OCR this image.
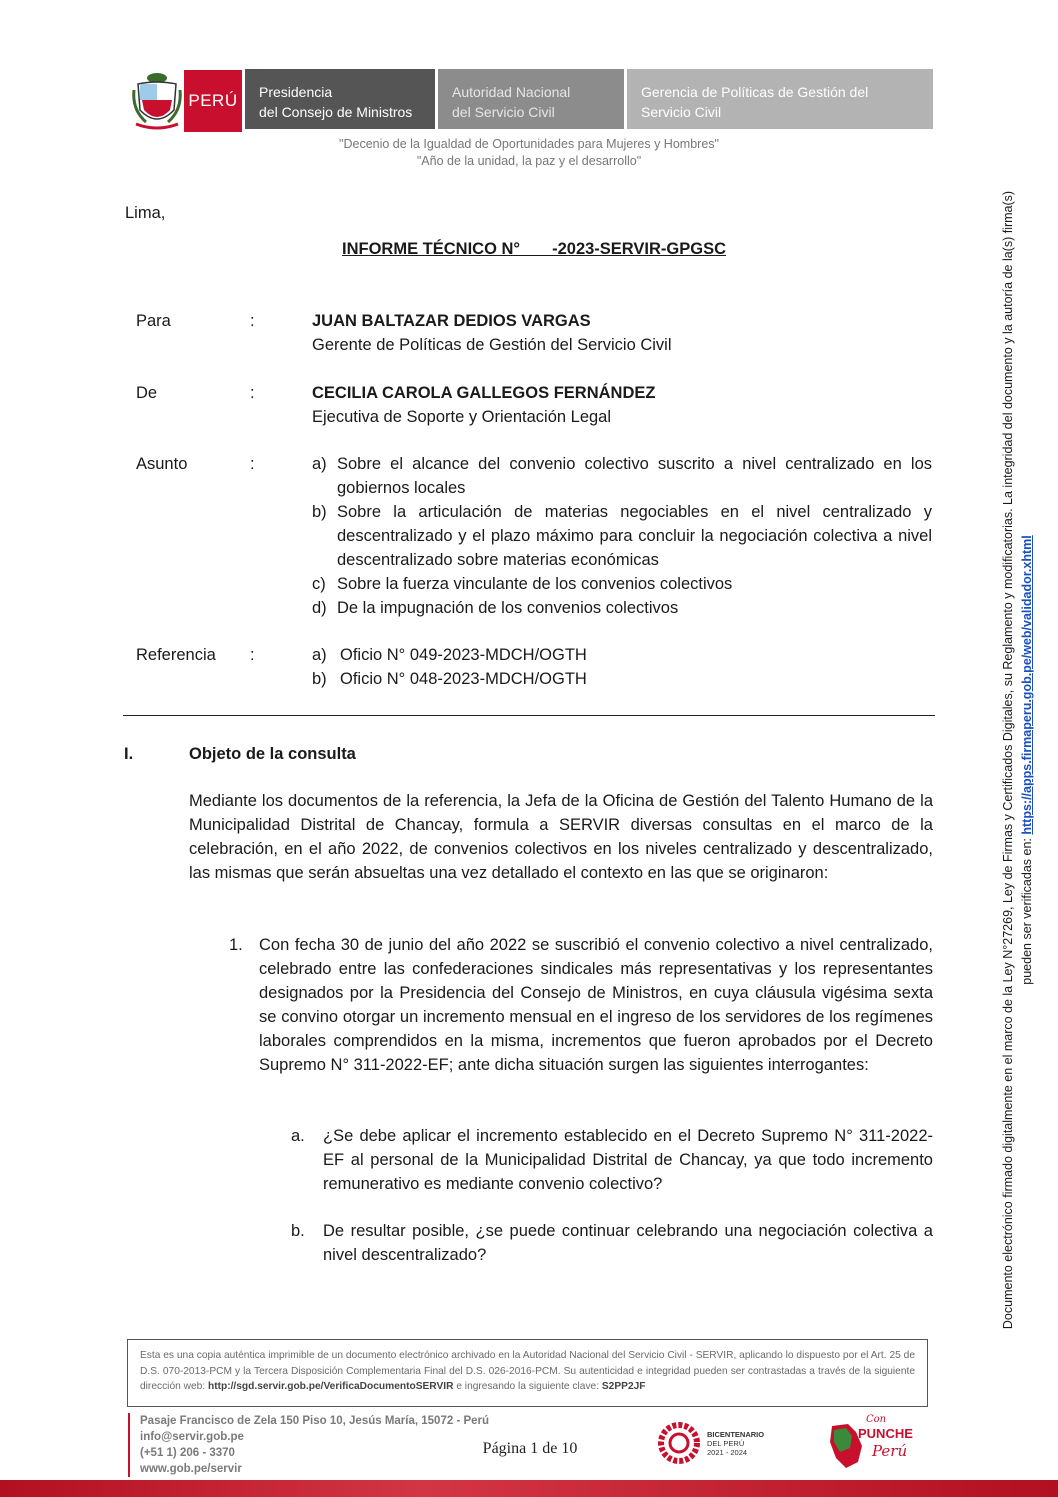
PERÚ Presidencia
del Consejo de Ministros
Autoridad Nacional
del Servicio Civil
Gerencia de Políticas de Gestión del
Servicio Civil
"Decenio de la Igualdad de Oportunidades para Mujeres y Hombres"
"Año de la unidad, la paz y el desarrollo"
Lima,
INFORME TÉCNICO N°       -2023-SERVIR-GPGSC
Para	:	JUAN BALTAZAR DEDIOS VARGAS
Gerente de Políticas de Gestión del Servicio Civil
De	:	CECILIA CAROLA GALLEGOS FERNÁNDEZ
Ejecutiva de Soporte y Orientación Legal
Asunto	:	a) Sobre el alcance del convenio colectivo suscrito a nivel centralizado en los gobiernos locales
b) Sobre la articulación de materias negociables en el nivel centralizado y descentralizado y el plazo máximo para concluir la negociación colectiva a nivel descentralizado sobre materias económicas
c) Sobre la fuerza vinculante de los convenios colectivos
d) De la impugnación de los convenios colectivos
Referencia :	a) Oficio N° 049-2023-MDCH/OGTH
b) Oficio N° 048-2023-MDCH/OGTH
I.	Objeto de la consulta
Mediante los documentos de la referencia, la Jefa de la Oficina de Gestión del Talento Humano de la Municipalidad Distrital de Chancay, formula a SERVIR diversas consultas en el marco de la celebración, en el año 2022, de convenios colectivos en los niveles centralizado y descentralizado, las mismas que serán absueltas una vez detallado el contexto en las que se originaron:
1. Con fecha 30 de junio del año 2022 se suscribió el convenio colectivo a nivel centralizado, celebrado entre las confederaciones sindicales más representativas y los representantes designados por la Presidencia del Consejo de Ministros, en cuya cláusula vigésima sexta se convino otorgar un incremento mensual en el ingreso de los servidores de los regímenes laborales comprendidos en la misma, incrementos que fueron aprobados por el Decreto Supremo N° 311-2022-EF; ante dicha situación surgen las siguientes interrogantes:
a.	¿Se debe aplicar el incremento establecido en el Decreto Supremo N° 311-2022-EF al personal de la Municipalidad Distrital de Chancay, ya que todo incremento remunerativo es mediante convenio colectivo?
b.	De resultar posible, ¿se puede continuar celebrando una negociación colectiva a nivel descentralizado?	Documento electrónico firmado digitalmente en el marco de la Ley N°27269, Ley de Firmas y Certificados Digitales, su Reglamento y modificatorias. La integridad del documento y la autoría de la(s) firma(s) pueden ser verificadas en: https://apps.firmaperu.gob.pe/web/validador.xhtml
Esta es una copia auténtica imprimible de un documento electrónico archivado en la Autoridad Nacional del Servicio Civil - SERVIR, aplicando lo dispuesto por el Art. 25 de D.S. 070-2013-PCM y la Tercera Disposición Complementaria Final del D.S. 026-2016-PCM. Su autenticidad e integridad pueden ser contrastadas a través de la siguiente dirección web: http://sgd.servir.gob.pe/VerificaDocumentoSERVIR e ingresando la siguiente clave: S2PP2JF
Pasaje Francisco de Zela 150 Piso 10, Jesús María, 15072 - Perú
info@servir.gob.pe
(+51 1) 206 - 3370
www.gob.pe/servir
Página 1 de 10
BICENTENARIO
DEL PERÚ
2021 - 2024
Con
PUNCHE
Perú
